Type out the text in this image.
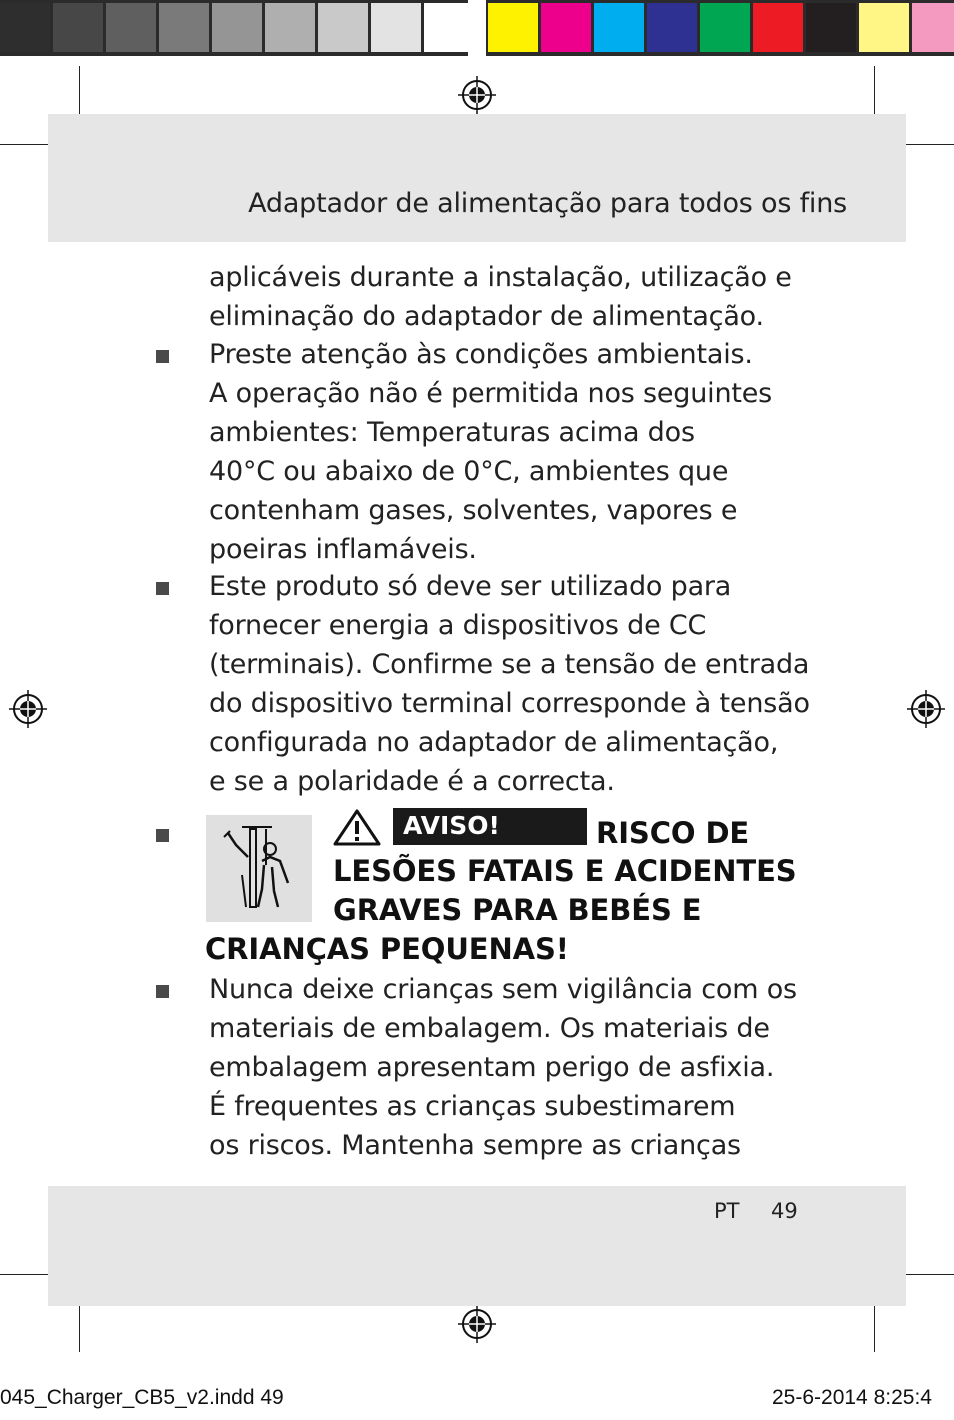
Adaptador de alimentação para todos os fins

aplicáveis durante a instalação, utilização e
eliminação do adaptador de alimentação.

Preste atenção às condições ambientais.
A operação não é permitida nos seguintes
ambientes: Temperaturas acima dos
40°C ou abaixo de 0°C, ambientes que
contenham gases, solventes, vapores e
poeiras inflamáveis.

Este produto só deve ser utilizado para
fornecer energia a dispositivos de CC
(terminais). Confirme se a tensão de entrada
do dispositivo terminal corresponde à tensão
configurada no adaptador de alimentação,
e se a polaridade é a correcta.

AVISO!	RISCO DE
LESÕES FATAIS E ACIDENTES
GRAVES PARA BEBÉS E
CRIANÇAS PEQUENAS!

Nunca deixe crianças sem vigilância com os
materiais de embalagem. Os materiais de
embalagem apresentam perigo de asfixia.
É frequentes as crianças subestimarem
os riscos. Mantenha sempre as crianças

PT 49
045_Charger_CB5_v2.indd 49	25-6-2014 8:25:4
